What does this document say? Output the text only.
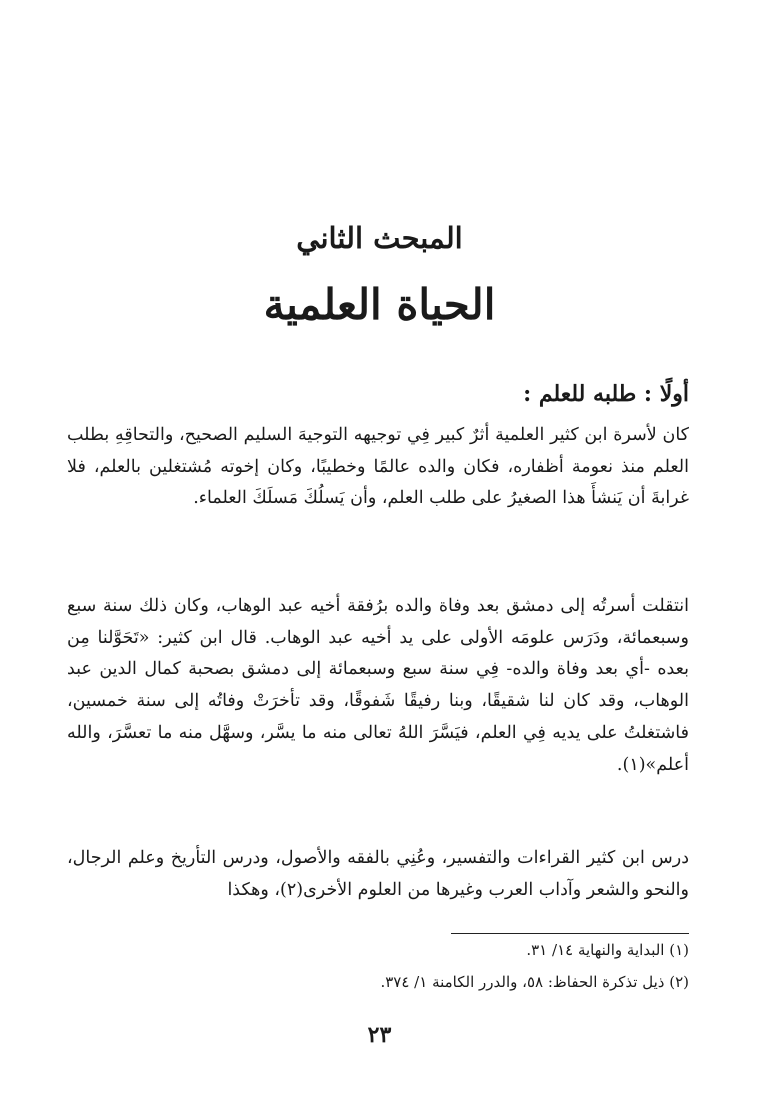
المبحث الثاني
الحياة العلمية
أولًا : طلبه للعلم :
كان لأسرة ابن كثير العلمية أثرٌ كبير فِي توجيهه التوجيهَ السليم الصحيح، والتحاقِهِ بطلب العلم منذ نعومة أظفاره، فكان والده عالمًا وخطيبًا، وكان إخوته مُشتغلين بالعلم، فلا غرابةَ أن يَنشأَ هذا الصغيرُ على طلب العلم، وأن يَسلُكَ مَسلَكَ العلماء.
انتقلت أسرتُه إلى دمشق بعد وفاة والده برُفقة أخيه عبد الوهاب، وكان ذلك سنة سبع وسبعمائة، ودَرَس علومَه الأولى على يد أخيه عبد الوهاب. قال ابن كثير: «تَحَوَّلنا مِن بعده -أي بعد وفاة والده- فِي سنة سبع وسبعمائة إلى دمشق بصحبة كمال الدين عبد الوهاب، وقد كان لنا شقيقًا، وبنا رفيقًا شَفوقًا، وقد تأخرَتْ وفاتُه إلى سنة خمسين، فاشتغلتُ على يديه فِي العلم، فيَسَّرَ اللهُ تعالى منه ما يسَّر، وسهَّل منه ما تعسَّرَ، والله أعلم»(١).
درس ابن كثير القراءات والتفسير، وعُنِي بالفقه والأصول، ودرس التأريخ وعلم الرجال، والنحو والشعر وآداب العرب وغيرها من العلوم الأخرى(٢)، وهكذا
(١) البداية والنهاية ١٤/ ٣١.
(٢) ذيل تذكرة الحفاظ: ٥٨، والدرر الكامنة ١/ ٣٧٤.
٢٣
